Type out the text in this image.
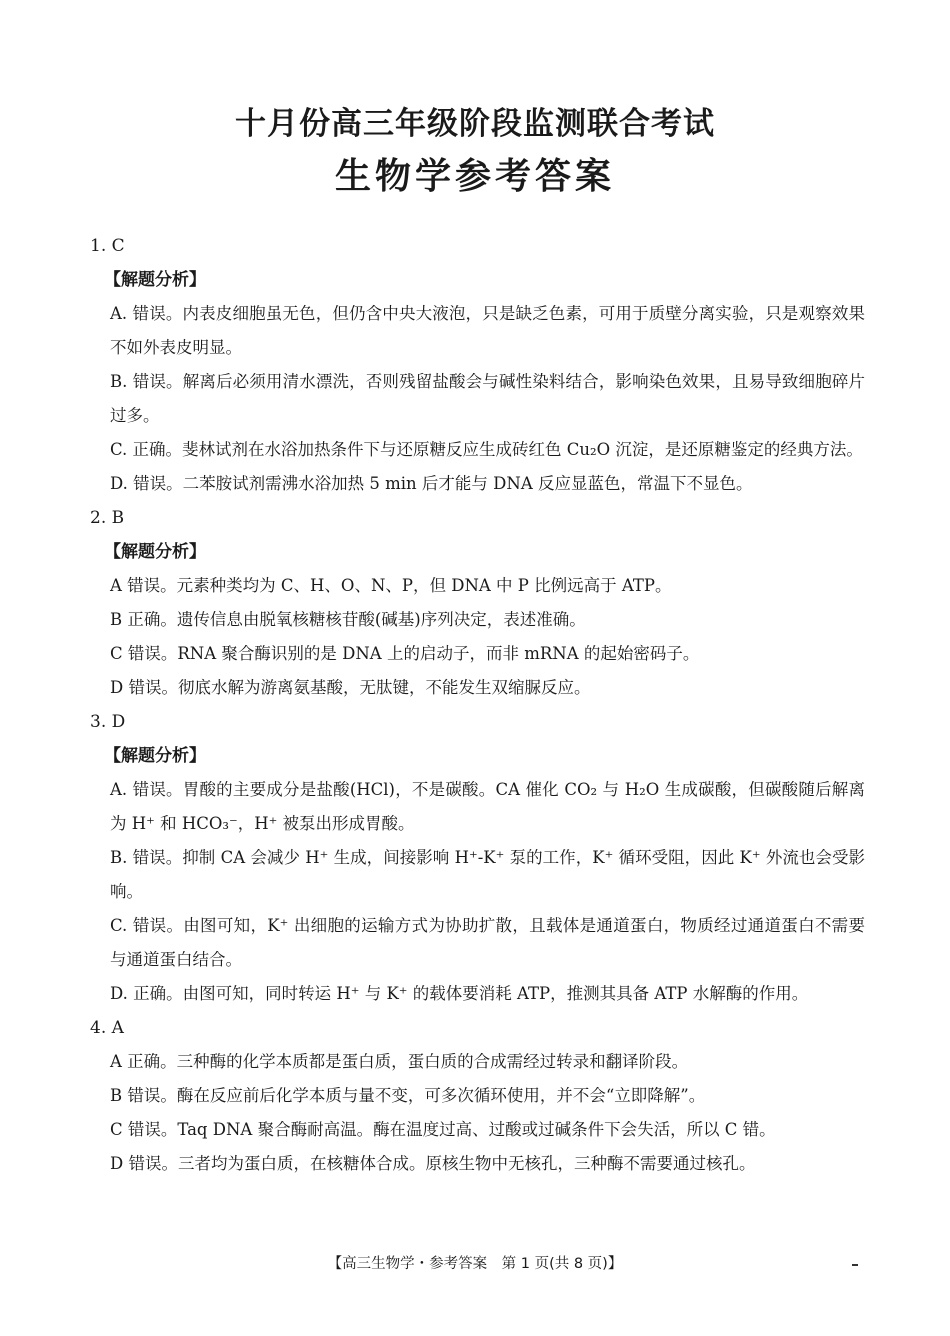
十月份高三年级阶段监测联合考试
生物学参考答案
1. C
【解题分析】
A. 错误。内表皮细胞虽无色，但仍含中央大液泡，只是缺乏色素，可用于质壁分离实验，只是观察效果不如外表皮明显。
B. 错误。解离后必须用清水漂洗，否则残留盐酸会与碱性染料结合，影响染色效果，且易导致细胞碎片过多。
C. 正确。斐林试剂在水浴加热条件下与还原糖反应生成砖红色 Cu₂O 沉淀，是还原糖鉴定的经典方法。
D. 错误。二苯胺试剂需沸水浴加热 5 min 后才能与 DNA 反应显蓝色，常温下不显色。
2. B
【解题分析】
A 错误。元素种类均为 C、H、O、N、P，但 DNA 中 P 比例远高于 ATP。
B 正确。遗传信息由脱氧核糖核苷酸(碱基)序列决定，表述准确。
C 错误。RNA 聚合酶识别的是 DNA 上的启动子，而非 mRNA 的起始密码子。
D 错误。彻底水解为游离氨基酸，无肽键，不能发生双缩脲反应。
3. D
【解题分析】
A. 错误。胃酸的主要成分是盐酸(HCl)，不是碳酸。CA 催化 CO₂ 与 H₂O 生成碳酸，但碳酸随后解离为 H⁺ 和 HCO₃⁻，H⁺ 被泵出形成胃酸。
B. 错误。抑制 CA 会减少 H⁺ 生成，间接影响 H⁺-K⁺ 泵的工作，K⁺ 循环受阻，因此 K⁺ 外流也会受影响。
C. 错误。由图可知，K⁺ 出细胞的运输方式为协助扩散，且载体是通道蛋白，物质经过通道蛋白不需要与通道蛋白结合。
D. 正确。由图可知，同时转运 H⁺ 与 K⁺ 的载体要消耗 ATP，推测其具备 ATP 水解酶的作用。
4. A
A 正确。三种酶的化学本质都是蛋白质，蛋白质的合成需经过转录和翻译阶段。
B 错误。酶在反应前后化学本质与量不变，可多次循环使用，并不会“立即降解”。
C 错误。Taq DNA 聚合酶耐高温。酶在温度过高、过酸或过碱条件下会失活，所以 C 错。
D 错误。三者均为蛋白质，在核糖体合成。原核生物中无核孔，三种酶不需要通过核孔。
【高三生物学・参考答案　第 1 页(共 8 页)】
